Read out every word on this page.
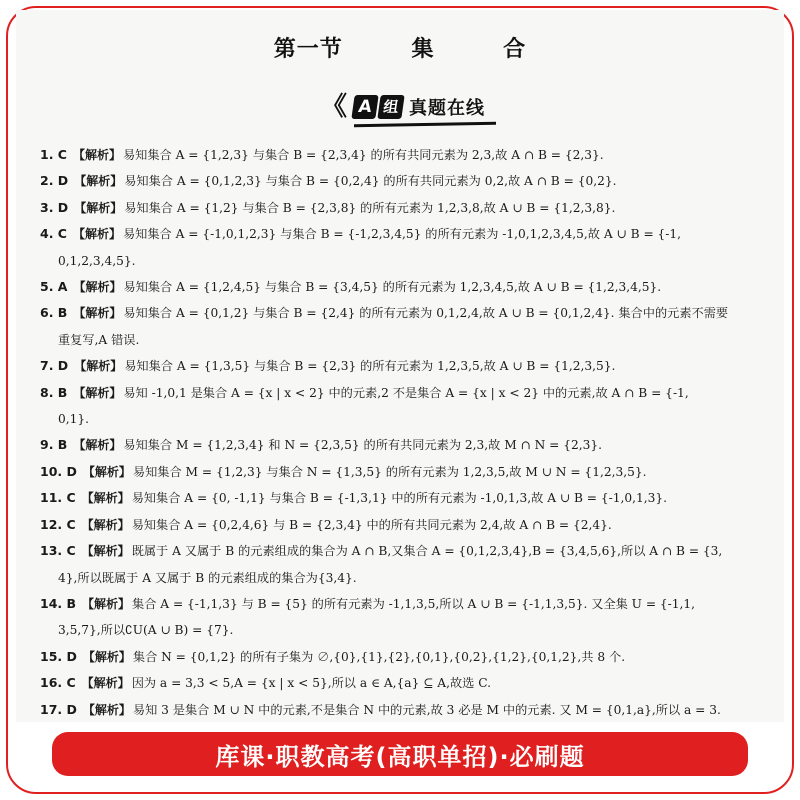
第一节	集	合
《 A 组 真题在线
1. C 【解析】 易知集合 A = {1,2,3} 与集合 B = {2,3,4} 的所有共同元素为 2,3,故 A ∩ B = {2,3}.
2. D 【解析】 易知集合 A = {0,1,2,3} 与集合 B = {0,2,4} 的所有共同元素为 0,2,故 A ∩ B = {0,2}.
3. D 【解析】 易知集合 A = {1,2} 与集合 B = {2,3,8} 的所有元素为 1,2,3,8,故 A ∪ B = {1,2,3,8}.
4. C 【解析】 易知集合 A = {-1,0,1,2,3} 与集合 B = {-1,2,3,4,5} 的所有元素为 -1,0,1,2,3,4,5,故 A ∪ B = {-1,
0,1,2,3,4,5}.
5. A 【解析】 易知集合 A = {1,2,4,5} 与集合 B = {3,4,5} 的所有元素为 1,2,3,4,5,故 A ∪ B = {1,2,3,4,5}.
6. B 【解析】 易知集合 A = {0,1,2} 与集合 B = {2,4} 的所有元素为 0,1,2,4,故 A ∪ B = {0,1,2,4}. 集合中的元素不需要
重复写,A 错误.
7. D 【解析】 易知集合 A = {1,3,5} 与集合 B = {2,3} 的所有元素为 1,2,3,5,故 A ∪ B = {1,2,3,5}.
8. B 【解析】 易知 -1,0,1 是集合 A = {x | x < 2} 中的元素,2 不是集合 A = {x | x < 2} 中的元素,故 A ∩ B = {-1,
0,1}.
9. B 【解析】 易知集合 M = {1,2,3,4} 和 N = {2,3,5} 的所有共同元素为 2,3,故 M ∩ N = {2,3}.
10. D 【解析】 易知集合 M = {1,2,3} 与集合 N = {1,3,5} 的所有元素为 1,2,3,5,故 M ∪ N = {1,2,3,5}.
11. C 【解析】 易知集合 A = {0, -1,1} 与集合 B = {-1,3,1} 中的所有元素为 -1,0,1,3,故 A ∪ B = {-1,0,1,3}.
12. C 【解析】 易知集合 A = {0,2,4,6} 与 B = {2,3,4} 中的所有共同元素为 2,4,故 A ∩ B = {2,4}.
13. C 【解析】 既属于 A 又属于 B 的元素组成的集合为 A ∩ B,又集合 A = {0,1,2,3,4},B = {3,4,5,6},所以 A ∩ B = {3,
4},所以既属于 A 又属于 B 的元素组成的集合为{3,4}.
14. B 【解析】 集合 A = {-1,1,3} 与 B = {5} 的所有元素为 -1,1,3,5,所以 A ∪ B = {-1,1,3,5}. 又全集 U = {-1,1,
3,5,7},所以∁U(A ∪ B) = {7}.
15. D 【解析】 集合 N = {0,1,2} 的所有子集为 ∅,{0},{1},{2},{0,1},{0,2},{1,2},{0,1,2},共 8 个.
16. C 【解析】 因为 a = 3,3 < 5,A = {x | x < 5},所以 a ∈ A,{a} ⊆ A,故选 C.
17. D 【解析】 易知 3 是集合 M ∪ N 中的元素,不是集合 N 中的元素,故 3 必是 M 中的元素. 又 M = {0,1,a},所以 a = 3.
库课·职教高考(高职单招)·必刷题
